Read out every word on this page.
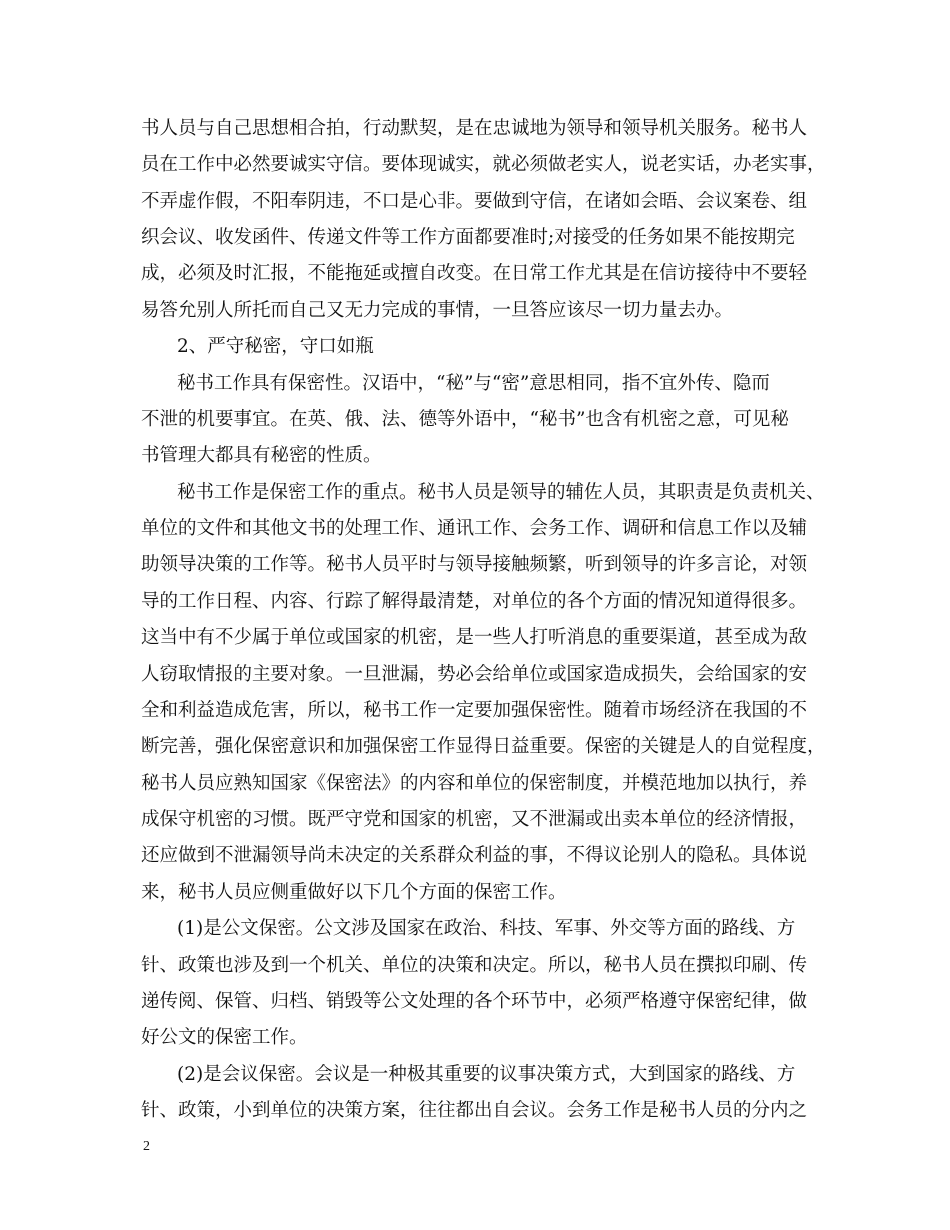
书人员与自己思想相合拍，行动默契，是在忠诚地为领导和领导机关服务。秘书人
员在工作中必然要诚实守信。要体现诚实，就必须做老实人，说老实话，办老实事，
不弄虚作假，不阳奉阴违，不口是心非。要做到守信，在诸如会晤、会议案卷、组
织会议、收发函件、传递文件等工作方面都要准时;对接受的任务如果不能按期完
成，必须及时汇报，不能拖延或擅自改变。在日常工作尤其是在信访接待中不要轻
易答允别人所托而自己又无力完成的事情，一旦答应该尽一切力量去办。
2、严守秘密，守口如瓶
秘书工作具有保密性。汉语中，“秘”与“密”意思相同，指不宜外传、隐而
不泄的机要事宜。在英、俄、法、德等外语中，“秘书”也含有机密之意，可见秘
书管理大都具有秘密的性质。
秘书工作是保密工作的重点。秘书人员是领导的辅佐人员，其职责是负责机关、
单位的文件和其他文书的处理工作、通讯工作、会务工作、调研和信息工作以及辅
助领导决策的工作等。秘书人员平时与领导接触频繁，听到领导的许多言论，对领
导的工作日程、内容、行踪了解得最清楚，对单位的各个方面的情况知道得很多。
这当中有不少属于单位或国家的机密，是一些人打听消息的重要渠道，甚至成为敌
人窃取情报的主要对象。一旦泄漏，势必会给单位或国家造成损失，会给国家的安
全和利益造成危害，所以，秘书工作一定要加强保密性。随着市场经济在我国的不
断完善，强化保密意识和加强保密工作显得日益重要。保密的关键是人的自觉程度，
秘书人员应熟知国家《保密法》的内容和单位的保密制度，并模范地加以执行，养
成保守机密的习惯。既严守党和国家的机密，又不泄漏或出卖本单位的经济情报，
还应做到不泄漏领导尚未决定的关系群众利益的事，不得议论别人的隐私。具体说
来，秘书人员应侧重做好以下几个方面的保密工作。
(1)是公文保密。公文涉及国家在政治、科技、军事、外交等方面的路线、方
针、政策也涉及到一个机关、单位的决策和决定。所以，秘书人员在撰拟印刷、传
递传阅、保管、归档、销毁等公文处理的各个环节中，必须严格遵守保密纪律，做
好公文的保密工作。
(2)是会议保密。会议是一种极其重要的议事决策方式，大到国家的路线、方
针、政策，小到单位的决策方案，往往都出自会议。会务工作是秘书人员的分内之
2
